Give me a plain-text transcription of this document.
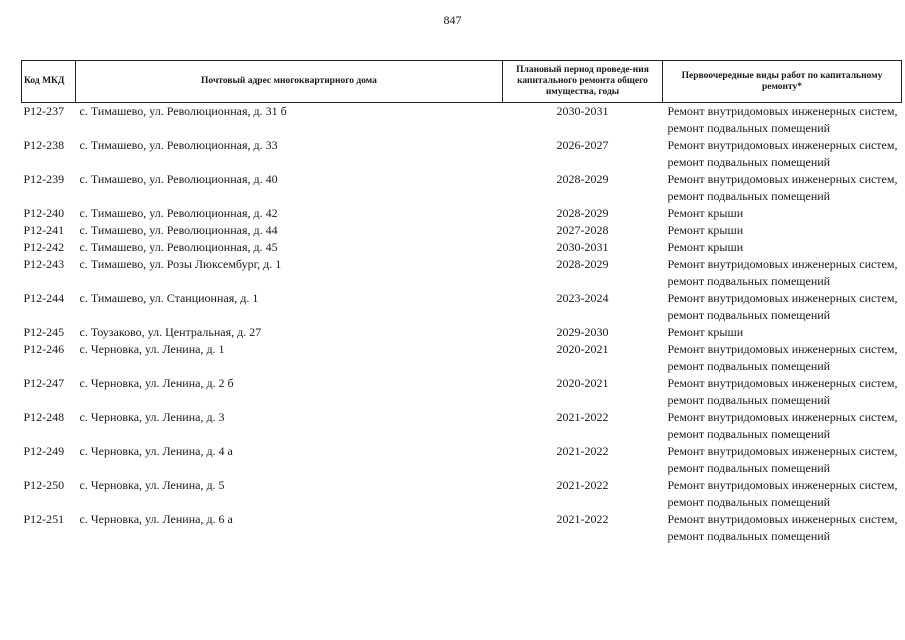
847
Код МКД	Почтовый адрес многоквартирного дома	Плановый период проведе-ния капитального ремонта общего имущества, годы	Первоочередные виды работ по капитальному ремонту*
Р12-237	с. Тимашево, ул. Революционная, д. 31 б	2030-2031	Ремонт внутридомовых инженерных систем,
ремонт подвальных помещений

Р12-238	с. Тимашево, ул. Революционная, д. 33	2026-2027	Ремонт внутридомовых инженерных систем,
ремонт подвальных помещений

Р12-239	с. Тимашево, ул. Революционная, д. 40	2028-2029	Ремонт внутридомовых инженерных систем,
ремонт подвальных помещений

Р12-240	с. Тимашево, ул. Революционная, д. 42	2028-2029	Ремонт крыши

Р12-241	с. Тимашево, ул. Революционная, д. 44	2027-2028	Ремонт крыши

Р12-242	с. Тимашево, ул. Революционная, д. 45	2030-2031	Ремонт крыши

Р12-243	с. Тимашево, ул. Розы Люксембург, д. 1	2028-2029	Ремонт внутридомовых инженерных систем,
ремонт подвальных помещений

Р12-244	с. Тимашево, ул. Станционная, д. 1	2023-2024	Ремонт внутридомовых инженерных систем,
ремонт подвальных помещений

Р12-245	с. Тоузаково, ул. Центральная, д. 27	2029-2030	Ремонт крыши

Р12-246	с. Черновка, ул. Ленина, д. 1	2020-2021	Ремонт внутридомовых инженерных систем,
ремонт подвальных помещений

Р12-247	с. Черновка, ул. Ленина, д. 2 б	2020-2021	Ремонт внутридомовых инженерных систем,
ремонт подвальных помещений

Р12-248	с. Черновка, ул. Ленина, д. 3	2021-2022	Ремонт внутридомовых инженерных систем,
ремонт подвальных помещений

Р12-249	с. Черновка, ул. Ленина, д. 4 а	2021-2022	Ремонт внутридомовых инженерных систем,
ремонт подвальных помещений

Р12-250	с. Черновка, ул. Ленина, д. 5	2021-2022	Ремонт внутридомовых инженерных систем,
ремонт подвальных помещений

Р12-251	с. Черновка, ул. Ленина, д. 6 а	2021-2022	Ремонт внутридомовых инженерных систем,
ремонт подвальных помещений
